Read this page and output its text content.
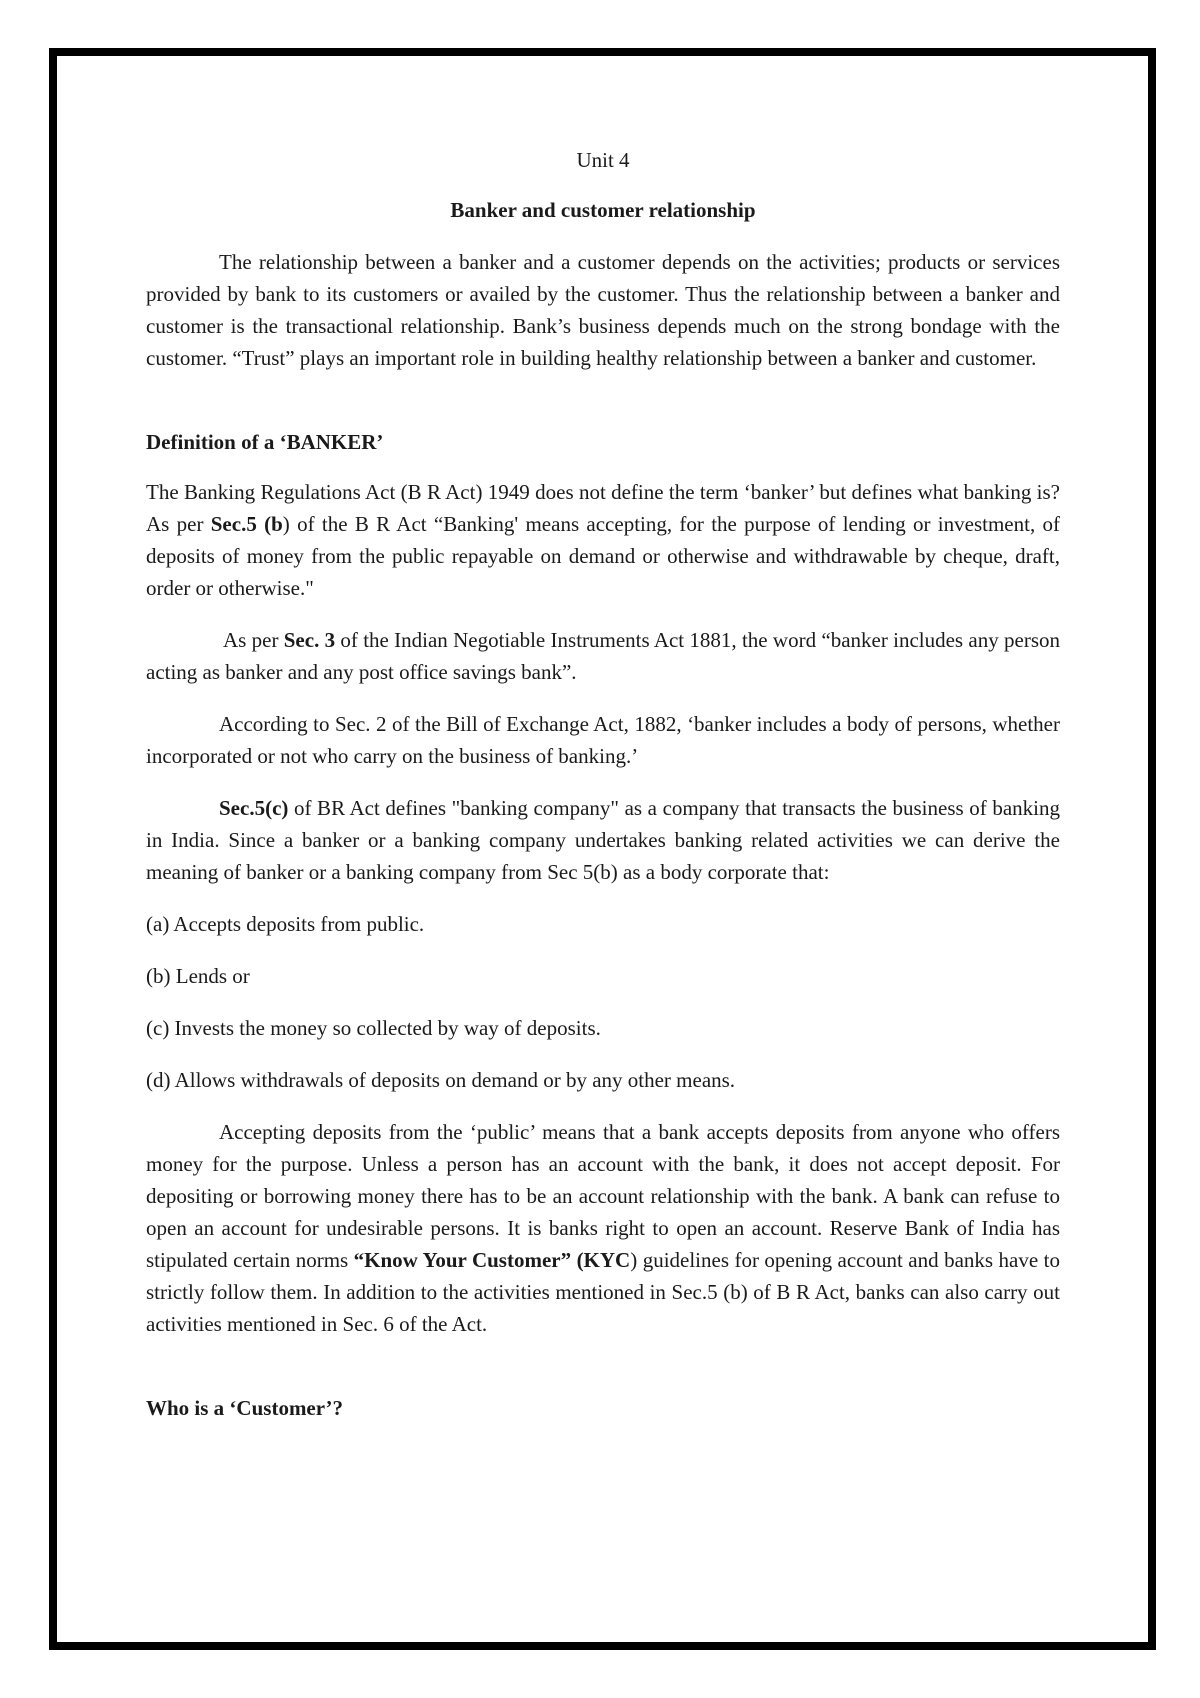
Unit 4
Banker and customer relationship

The relationship between a banker and a customer depends on the activities; products or services provided by bank to its customers or availed by the customer. Thus the relationship between a banker and customer is the transactional relationship. Bank’s business depends much on the strong bondage with the customer. “Trust” plays an important role in building healthy relationship between a banker and customer.

Definition of a ‘BANKER’

The Banking Regulations Act (B R Act) 1949 does not define the term ‘banker’ but defines what banking is? As per Sec.5 (b) of the B R Act “Banking' means accepting, for the purpose of lending or investment, of deposits of money from the public repayable on demand or otherwise and withdrawable by cheque, draft, order or otherwise."

As per Sec. 3 of the Indian Negotiable Instruments Act 1881, the word “banker includes any person acting as banker and any post office savings bank”.

According to Sec. 2 of the Bill of Exchange Act, 1882, ‘banker includes a body of persons, whether incorporated or not who carry on the business of banking.’

Sec.5(c) of BR Act defines "banking company" as a company that transacts the business of banking in India. Since a banker or a banking company undertakes banking related activities we can derive the meaning of banker or a banking company from Sec 5(b) as a body corporate that:

(a) Accepts deposits from public.
(b) Lends or
(c) Invests the money so collected by way of deposits.
(d) Allows withdrawals of deposits on demand or by any other means.

Accepting deposits from the ‘public’ means that a bank accepts deposits from anyone who offers money for the purpose. Unless a person has an account with the bank, it does not accept deposit. For depositing or borrowing money there has to be an account relationship with the bank. A bank can refuse to open an account for undesirable persons. It is banks right to open an account. Reserve Bank of India has stipulated certain norms “Know Your Customer” (KYC) guidelines for opening account and banks have to strictly follow them. In addition to the activities mentioned in Sec.5 (b) of B R Act, banks can also carry out activities mentioned in Sec. 6 of the Act.

Who is a ‘Customer’?
